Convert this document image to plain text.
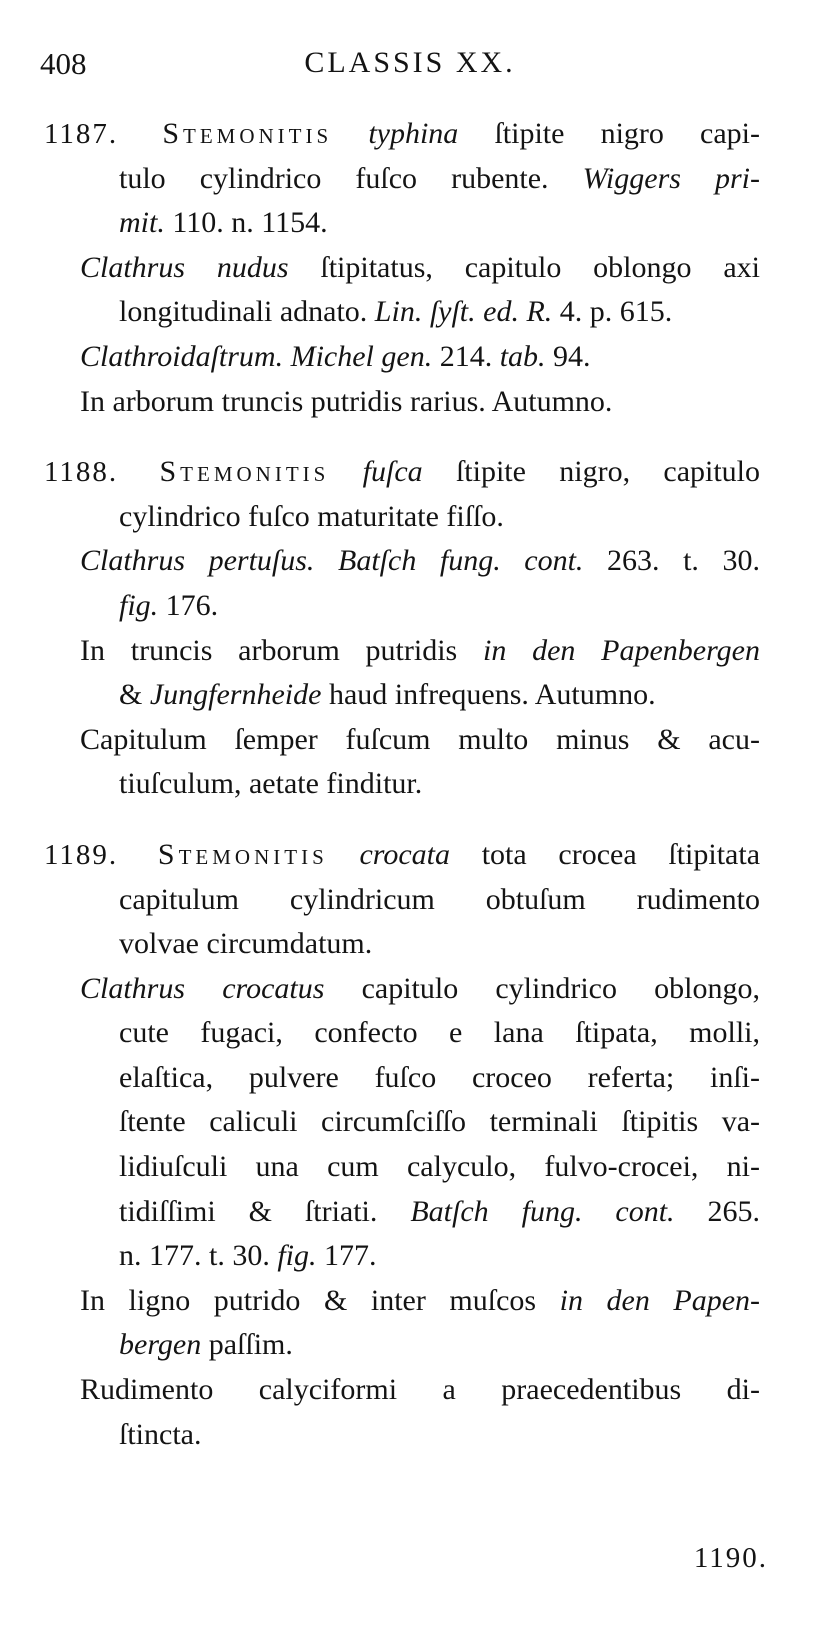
408	CLASSIS XX.
1187. Stemonitis typhina ſtipite nigro capi-
tulo cylindrico fuſco rubente. Wiggers pri-
mit. 110. n. 1154.
Clathrus nudus ſtipitatus, capitulo oblongo axi
longitudinali adnato. Lin. ſyſt. ed. R. 4. p. 615.
Clathroidaſtrum. Michel gen. 214. tab. 94.
In arborum truncis putridis rarius. Autumno.
1188. Stemonitis fuſca ſtipite nigro, capitulo
cylindrico fuſco maturitate fiſſo.
Clathrus pertuſus. Batſch fung. cont. 263. t. 30.
fig. 176.
In truncis arborum putridis in den Papenbergen
& Jungfernheide haud infrequens. Autumno.
Capitulum ſemper fuſcum multo minus & acu-
tiuſculum, aetate finditur.
1189. Stemonitis crocata tota crocea ſtipitata
capitulum cylindricum obtuſum rudimento
volvae circumdatum.
Clathrus crocatus capitulo cylindrico oblongo,
cute fugaci, confecto e lana ſtipata, molli,
elaſtica, pulvere fuſco croceo referta; inſi-
ſtente caliculi circumſciſſo terminali ſtipitis va-
lidiuſculi una cum calyculo, fulvo-crocei, ni-
tidiſſimi & ſtriati. Batſch fung. cont. 265.
n. 177. t. 30. fig. 177.
In ligno putrido & inter muſcos in den Papen-
bergen paſſim.
Rudimento calyciformi a praecedentibus di-
ſtincta.
1190.
